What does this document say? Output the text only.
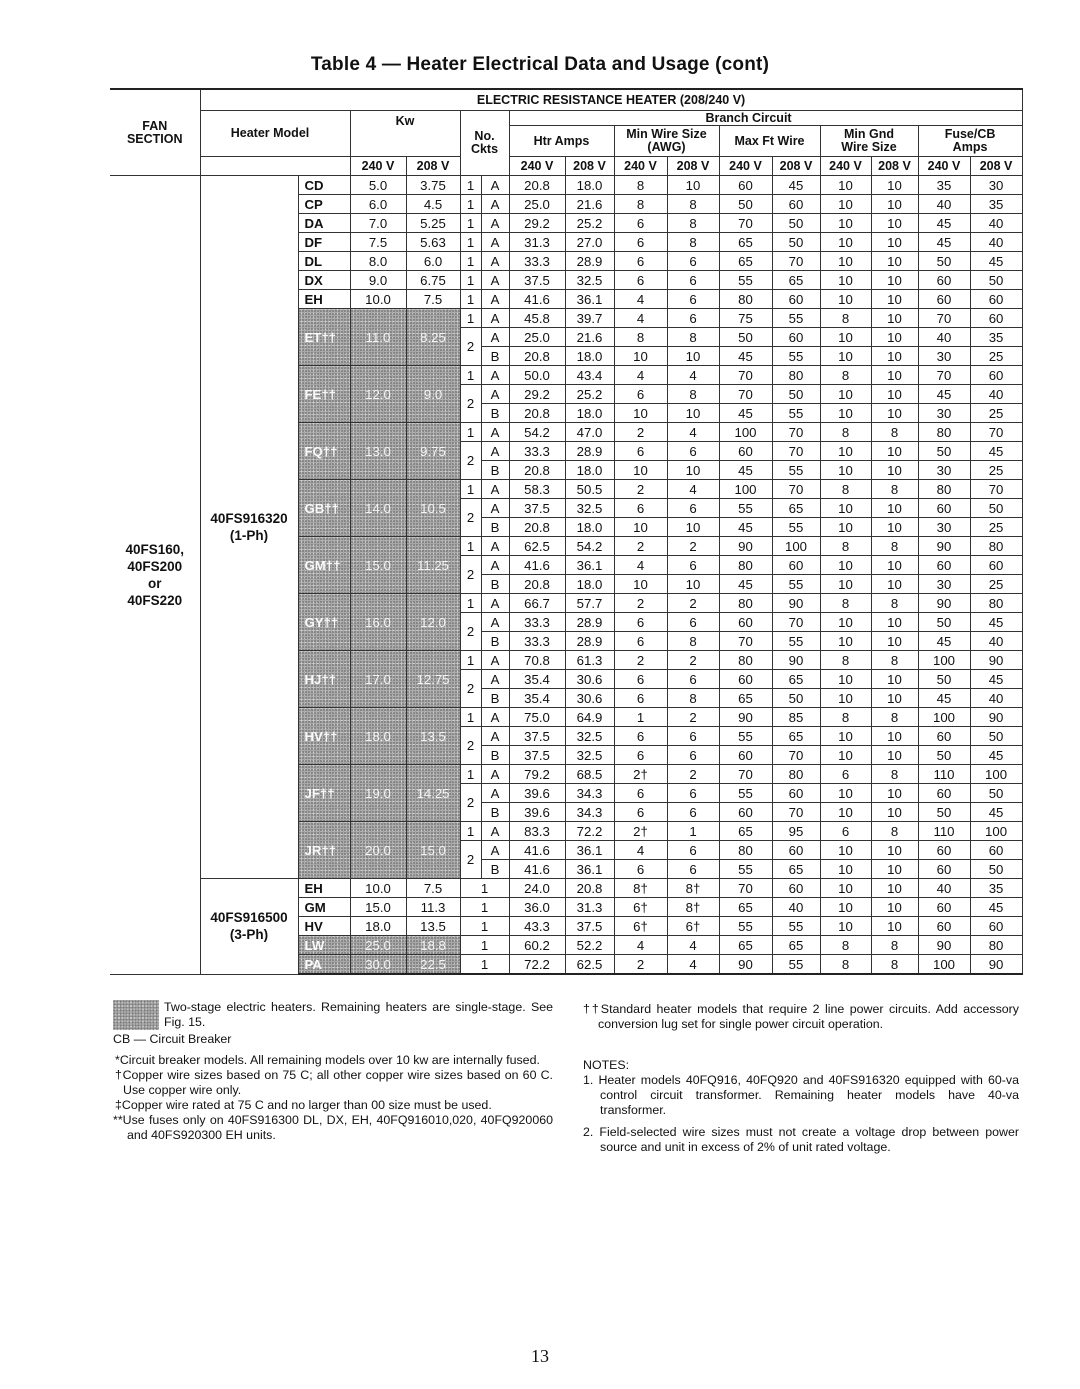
Table 4 — Heater Electrical Data and Usage (cont)
FAN SECTION	ELECTRIC RESISTANCE HEATER (208/240 V)															
	Heater Model		Kw		No. Ckts		Branch Circuit									
							Htr Amps		Min Wire Size (AWG)		Max Ft Wire		Min Gnd Wire Size		Fuse/CB Amps	
			240 V	208 V			240 V	208 V	240 V	208 V	240 V	208 V	240 V	208 V	240 V	208 V

40FS160,
40FS200
or
40FS220

40FS916320
(1-Ph)
	CD	5.0	3.75	1	A	20.8	18.0	8	10	60	45	10	10	35	30
		CP	6.0	4.5	1	A	25.0	21.6	8	8	50	60	10	10	40	35
		DA	7.0	5.25	1	A	29.2	25.2	6	8	70	50	10	10	45	40
		DF	7.5	5.63	1	A	31.3	27.0	6	8	65	50	10	10	45	40
		DL	8.0	6.0	1	A	33.3	28.9	6	6	65	70	10	10	50	45
		DX	9.0	6.75	1	A	37.5	32.5	6	6	55	65	10	10	60	50
		EH	10.0	7.5	1	A	41.6	36.1	4	6	80	60	10	10	60	60
		ET††	11.0	8.25	1	A	45.8	39.7	4	6	75	55	8	10	70	60
					2	A	25.0	21.6	8	8	50	60	10	10	40	35
						B	20.8	18.0	10	10	45	55	10	10	30	25
		FE††	12.0	9.0	1	A	50.0	43.4	4	4	70	80	8	10	70	60
					2	A	29.2	25.2	6	8	70	50	10	10	45	40
						B	20.8	18.0	10	10	45	55	10	10	30	25
		FQ††	13.0	9.75	1	A	54.2	47.0	2	4	100	70	8	8	80	70
					2	A	33.3	28.9	6	6	60	70	10	10	50	45
						B	20.8	18.0	10	10	45	55	10	10	30	25
		GB††	14.0	10.5	1	A	58.3	50.5	2	4	100	70	8	8	80	70
					2	A	37.5	32.5	6	6	55	65	10	10	60	50
						B	20.8	18.0	10	10	45	55	10	10	30	25
		GM††	15.0	11.25	1	A	62.5	54.2	2	2	90	100	8	8	90	80
					2	A	41.6	36.1	4	6	80	60	10	10	60	60
						B	20.8	18.0	10	10	45	55	10	10	30	25
		GY††	16.0	12.0	1	A	66.7	57.7	2	2	80	90	8	8	90	80
					2	A	33.3	28.9	6	6	60	70	10	10	50	45
						B	33.3	28.9	6	8	70	55	10	10	45	40
		HJ††	17.0	12.75	1	A	70.8	61.3	2	2	80	90	8	8	100	90
					2	A	35.4	30.6	6	6	60	65	10	10	50	45
						B	35.4	30.6	6	8	65	50	10	10	45	40
		HV††	18.0	13.5	1	A	75.0	64.9	1	2	90	85	8	8	100	90
					2	A	37.5	32.5	6	6	55	65	10	10	60	50
						B	37.5	32.5	6	6	60	70	10	10	50	45
		JF††	19.0	14.25	1	A	79.2	68.5	2†	2	70	80	6	8	110	100
					2	A	39.6	34.3	6	6	55	60	10	10	60	50
						B	39.6	34.3	6	6	60	70	10	10	50	45
		JR††	20.0	15.0	1	A	83.3	72.2	2†	1	65	95	6	8	110	100
					2	A	41.6	36.1	4	6	80	60	10	10	60	60
						B	41.6	36.1	6	6	55	65	10	10	60	50

	40FS916500
(3-Ph)	EH	10.0	7.5	1		24.0	20.8	8†	8†	70	60	10	10	40	35
		GM	15.0	11.3	1		36.0	31.3	6†	8†	65	40	10	10	60	45
		HV	18.0	13.5	1		43.3	37.5	6†	6†	55	55	10	10	60	60
		LW	25.0	18.8	1		60.2	52.2	4	4	65	65	8	8	90	80
		PA	30.0	22.5	1		72.2	62.5	2	4	90	55	8	8	100	90

Two-stage electric heaters. Remaining heaters are single-stage. See Fig. 15.

CB — Circuit Breaker

*Circuit breaker models. All remaining models over 10 kw are internally fused.

†Copper wire sizes based on 75 C; all other copper wire sizes based on 60 C. Use copper wire only.

‡Copper wire rated at 75 C and no larger than 00 size must be used.

**Use fuses only on 40FS916300 DL, DX, EH, 40FQ916010,020, 40FQ920060 and 40FS920300 EH units.

††Standard heater models that require 2 line power circuits. Add accessory conversion lug set for single power circuit operation.

NOTES:

1. Heater models 40FQ916, 40FQ920 and 40FS916320 equipped with 60-va control circuit transformer. Remaining heater models have 40-va transformer.

2. Field-selected wire sizes must not create a voltage drop between power source and unit in excess of 2% of unit rated voltage.

13
